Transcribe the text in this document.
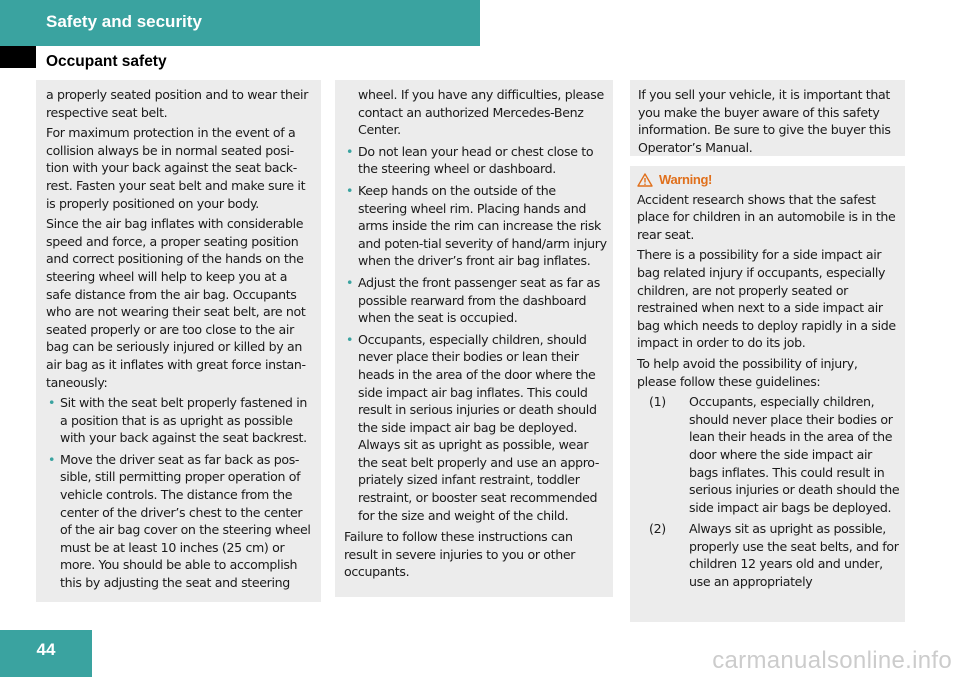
Safety and security
Occupant safety

a properly seated position and to wear their respective seat belt.

For maximum protection in the event of a collision always be in normal seated posi-tion with your back against the seat back-rest. Fasten your seat belt and make sure it is properly positioned on your body.

Since the air bag inflates with considerable speed and force, a proper seating position and correct positioning of the hands on the steering wheel will help to keep you at a safe distance from the air bag. Occupants who are not wearing their seat belt, are not seated properly or are too close to the air bag can be seriously injured or killed by an air bag as it inflates with great force instan-taneously:

• Sit with the seat belt properly fastened in a position that is as upright as possible with your back against the seat backrest.
• Move the driver seat as far back as pos-sible, still permitting proper operation of vehicle controls. The distance from the center of the driver’s chest to the center of the air bag cover on the steering wheel must be at least 10 inches (25 cm) or more. You should be able to accomplish this by adjusting the seat and steering
wheel. If you have any difficulties, please contact an authorized Mercedes-Benz Center.
• Do not lean your head or chest close to the steering wheel or dashboard.
• Keep hands on the outside of the steering wheel rim. Placing hands and arms inside the rim can increase the risk and poten-tial severity of hand/arm injury when the driver’s front air bag inflates.
• Adjust the front passenger seat as far as possible rearward from the dashboard when the seat is occupied.
• Occupants, especially children, should never place their bodies or lean their heads in the area of the door where the side impact air bag inflates. This could result in serious injuries or death should the side impact air bag be deployed. Always sit as upright as possible, wear the seat belt properly and use an appro-priately sized infant restraint, toddler restraint, or booster seat recommended for the size and weight of the child.

Failure to follow these instructions can result in severe injuries to you or other occupants.

If you sell your vehicle, it is important that you make the buyer aware of this safety information. Be sure to give the buyer this Operator’s Manual.

Warning!

Accident research shows that the safest place for children in an automobile is in the rear seat.

There is a possibility for a side impact air bag related injury if occupants, especially children, are not properly seated or restrained when next to a side impact air bag which needs to deploy rapidly in a side impact in order to do its job.

To help avoid the possibility of injury, please follow these guidelines:

(1)	Occupants, especially children, should never place their bodies or lean their heads in the area of the door where the side impact air bags inflates. This could result in serious injuries or death should the side impact air bags be deployed.
(2)	Always sit as upright as possible, properly use the seat belts, and for children 12 years old and under, use an appropriately
44	carmanualsonline.info
